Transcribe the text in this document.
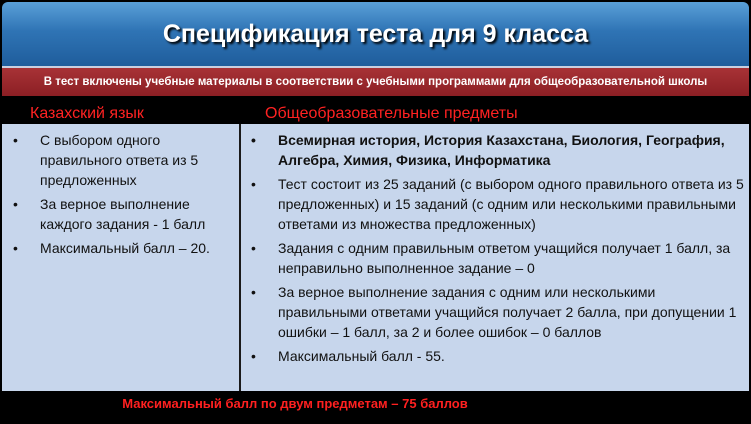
Спецификация теста для 9 класса
В тест включены учебные материалы в соответствии с учебными программами для общеобразовательной школы
Казахский язык	Общеобразовательные предметы
• С выбором одного правильного ответа из 5 предложенных
• За верное выполнение каждого задания - 1 балл
• Максимальный балл – 20.
• Всемирная история, История Казахстана, Биология, География, Алгебра, Химия, Физика, Информатика
• Тест состоит из 25 заданий (с выбором одного правильного ответа из 5 предложенных) и 15 заданий (с одним или несколькими правильными ответами из множества предложенных)
• Задания с одним правильным ответом учащийся получает 1 балл, за неправильно выполненное задание – 0
• За верное выполнение задания с одним или несколькими правильными ответами учащийся получает 2 балла, при допущении 1 ошибки – 1 балл, за 2 и более ошибок – 0 баллов
• Максимальный балл - 55.
Максимальный балл по двум предметам – 75 баллов
